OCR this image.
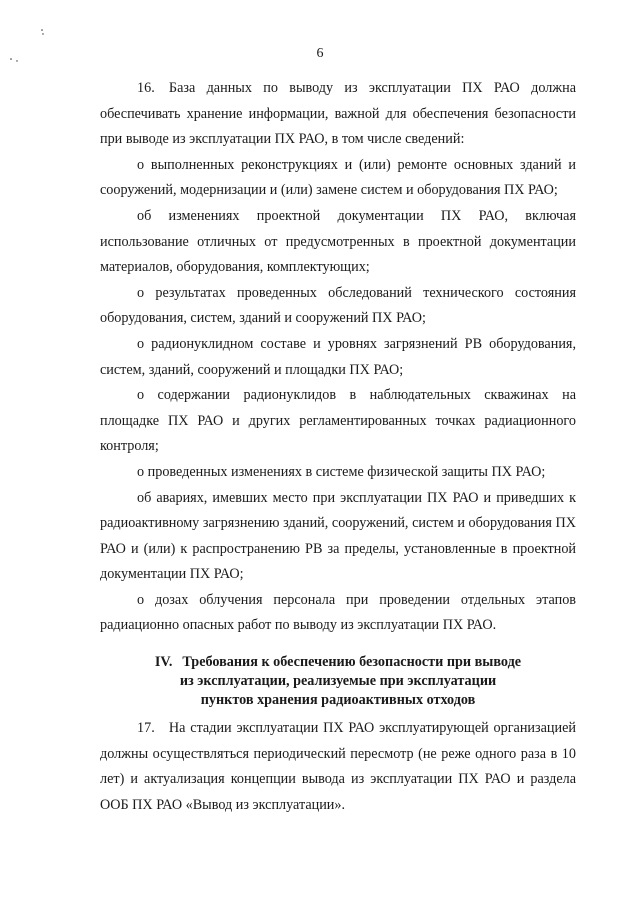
6

16. База данных по выводу из эксплуатации ПХ РАО должна обеспечивать хранение информации, важной для обеспечения безопасности при выводе из эксплуатации ПХ РАО, в том числе сведений:

о выполненных реконструкциях и (или) ремонте основных зданий и сооружений, модернизации и (или) замене систем и оборудования ПХ РАО;

об изменениях проектной документации ПХ РАО, включая использование отличных от предусмотренных в проектной документации материалов, оборудования, комплектующих;

о результатах проведенных обследований технического состояния оборудования, систем, зданий и сооружений ПХ РАО;

о радионуклидном составе и уровнях загрязнений РВ оборудования, систем, зданий, сооружений и площадки ПХ РАО;

о содержании радионуклидов в наблюдательных скважинах на площадке ПХ РАО и других регламентированных точках радиационного контроля;

о проведенных изменениях в системе физической защиты ПХ РАО;

об авариях, имевших место при эксплуатации ПХ РАО и приведших к радиоактивному загрязнению зданий, сооружений, систем и оборудования ПХ РАО и (или) к распространению РВ за пределы, установленные в проектной документации ПХ РАО;

о дозах облучения персонала при проведении отдельных этапов радиационно опасных работ по выводу из эксплуатации ПХ РАО.

IV. Требования к обеспечению безопасности при выводе
из эксплуатации, реализуемые при эксплуатации
пунктов хранения радиоактивных отходов

17. На стадии эксплуатации ПХ РАО эксплуатирующей организацией должны осуществляться периодический пересмотр (не реже одного раза в 10 лет) и актуализация концепции вывода из эксплуатации ПХ РАО и раздела ООБ ПХ РАО «Вывод из эксплуатации».
